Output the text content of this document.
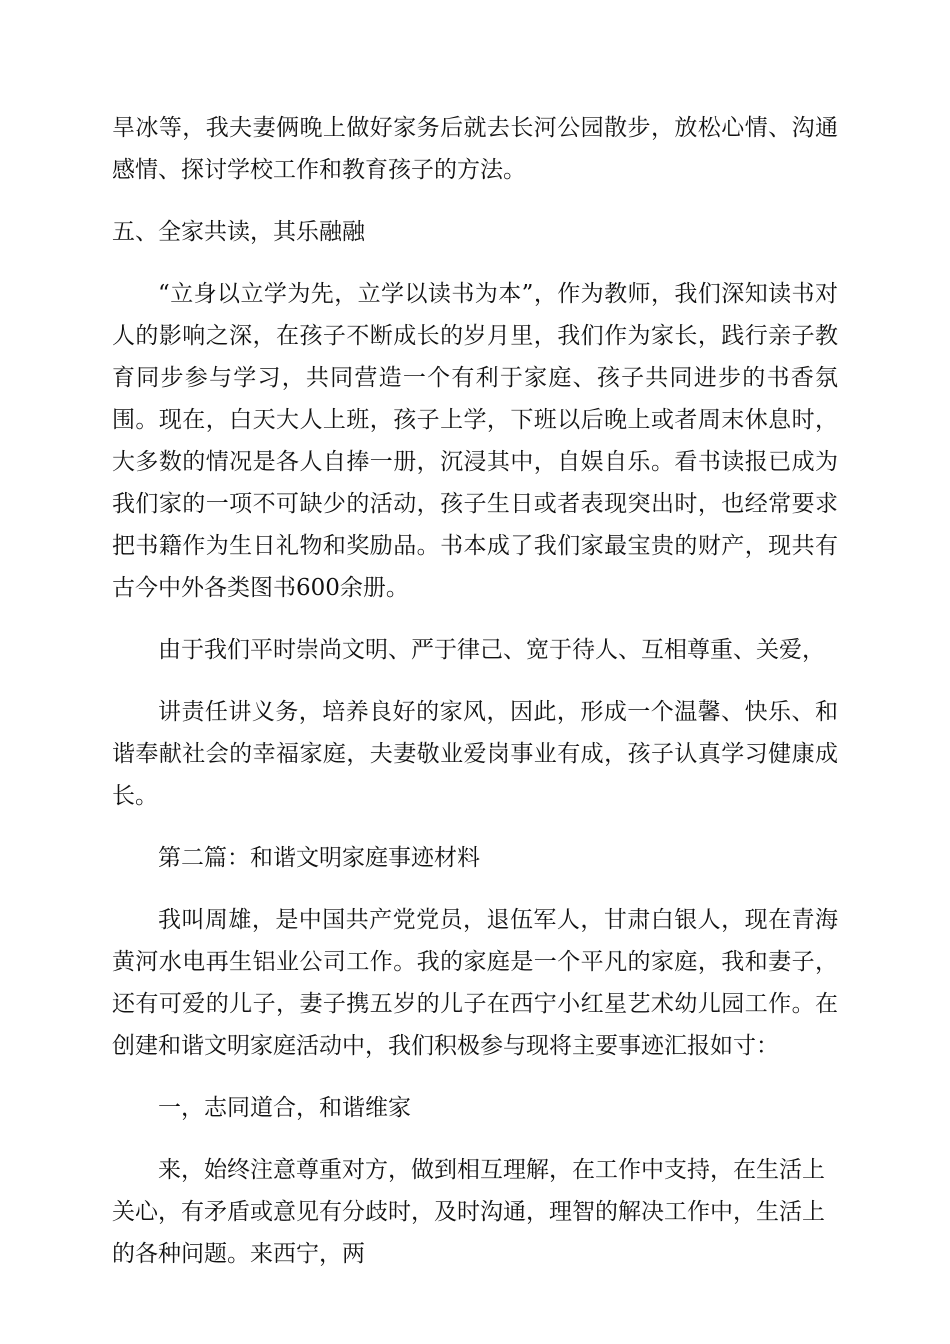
旱冰等，我夫妻俩晚上做好家务后就去长河公园散步，放松心情、沟通感情、探讨学校工作和教育孩子的方法。

五、全家共读，其乐融融

“立身以立学为先，立学以读书为本”，作为教师，我们深知读书对人的影响之深，在孩子不断成长的岁月里，我们作为家长，践行亲子教育同步参与学习，共同营造一个有利于家庭、孩子共同进步的书香氛围。现在，白天大人上班，孩子上学，下班以后晚上或者周末休息时，大多数的情况是各人自捧一册，沉浸其中，自娱自乐。看书读报已成为我们家的一项不可缺少的活动，孩子生日或者表现突出时，也经常要求把书籍作为生日礼物和奖励品。书本成了我们家最宝贵的财产，现共有古今中外各类图书600余册。

由于我们平时崇尚文明、严于律己、宽于待人、互相尊重、关爱，

讲责任讲义务，培养良好的家风，因此，形成一个温馨、快乐、和谐奉献社会的幸福家庭，夫妻敬业爱岗事业有成，孩子认真学习健康成长。

第二篇：和谐文明家庭事迹材料

我叫周雄，是中国共产党党员，退伍军人，甘肃白银人，现在青海黄河水电再生铝业公司工作。我的家庭是一个平凡的家庭，我和妻子，还有可爱的儿子，妻子携五岁的儿子在西宁小红星艺术幼儿园工作。在创建和谐文明家庭活动中，我们积极参与现将主要事迹汇报如寸：

一，志同道合，和谐维家

来，始终注意尊重对方，做到相互理解，在工作中支持，在生活上关心，有矛盾或意见有分歧时，及时沟通，理智的解决工作中，生活上的各种问题。来西宁，两
